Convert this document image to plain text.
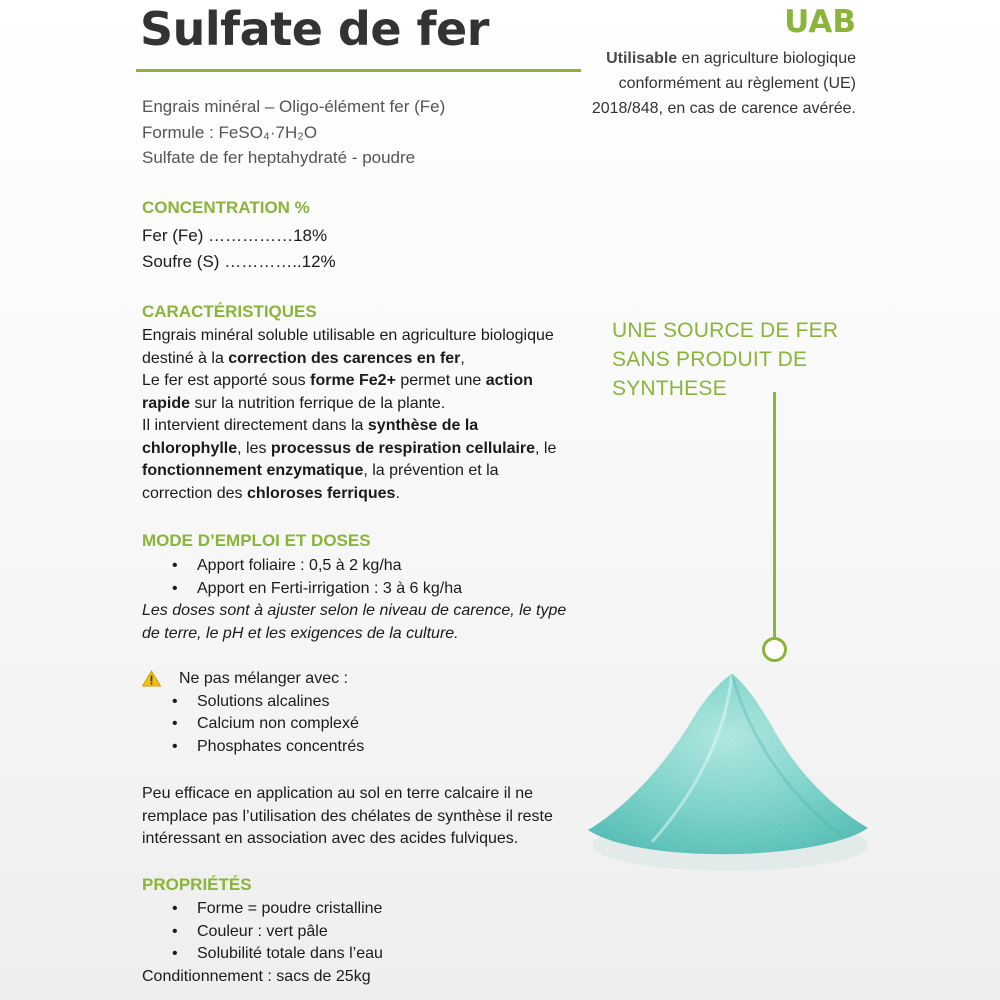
Sulfate de fer	UAB
Utilisable en agriculture biologique conformément au règlement (UE) 2018/848, en cas de carence avérée.
Engrais minéral – Oligo-élément fer (Fe)
Formule : FeSO₄·7H₂O
Sulfate de fer heptahydraté - poudre
CONCENTRATION %
Fer (Fe) ……………18%
Soufre (S) …………..12%
CARACTÉRISTIQUES
Engrais minéral soluble utilisable en agriculture biologique
destiné à la correction des carences en fer,
Le fer est apporté sous forme Fe2+ permet une action
rapide sur la nutrition ferrique de la plante.
Il intervient directement dans la synthèse de la
chlorophylle, les processus de respiration cellulaire, le
fonctionnement enzymatique, la prévention et la
correction des chloroses ferriques.
MODE D’EMPLOI ET DOSES
• Apport foliaire : 0,5 à 2 kg/ha
• Apport en Ferti-irrigation : 3 à 6 kg/ha
Les doses sont à ajuster selon le niveau de carence, le type
de terre, le pH et les exigences de la culture.
Ne pas mélanger avec :
• Solutions alcalines
• Calcium non complexé
• Phosphates concentrés
Peu efficace en application au sol en terre calcaire il ne
remplace pas l’utilisation des chélates de synthèse il reste
intéressant en association avec des acides fulviques.
PROPRIÉTÉS
• Forme = poudre cristalline
• Couleur : vert pâle
• Solubilité totale dans l’eau
Conditionnement : sacs de 25kg
UNE SOURCE DE FER
SANS PRODUIT DE
SYNTHESE
